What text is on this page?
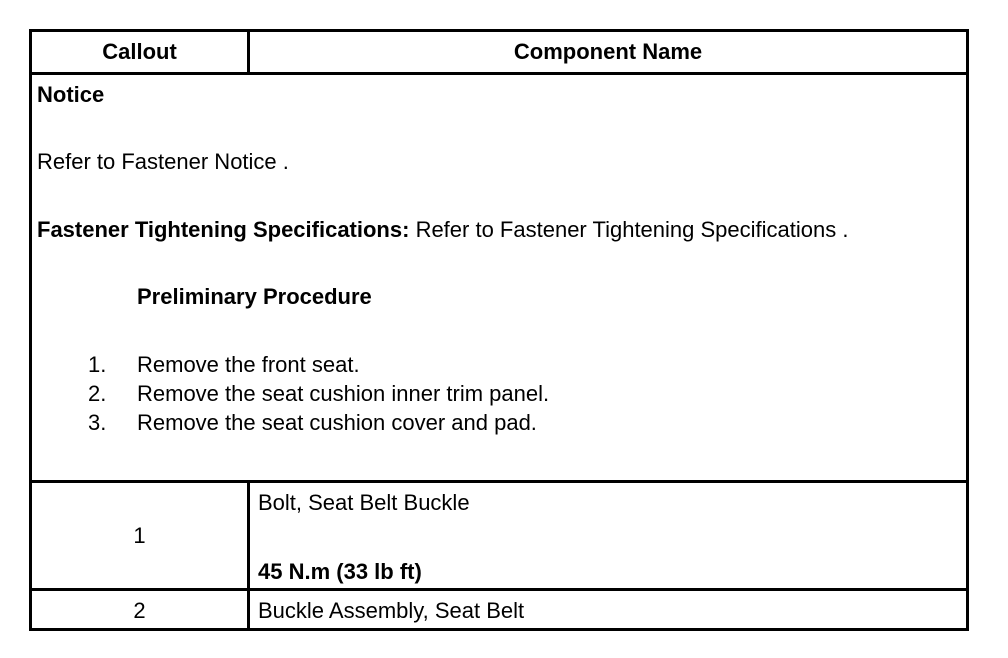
Callout	Component Name
Notice
Refer to Fastener Notice .
Fastener Tightening Specifications: Refer to Fastener Tightening Specifications .
Preliminary Procedure
1. Remove the front seat.
2. Remove the seat cushion inner trim panel.
3. Remove the seat cushion cover and pad.
1
Bolt, Seat Belt Buckle
45 N.m (33 lb ft)
2	Buckle Assembly, Seat Belt
